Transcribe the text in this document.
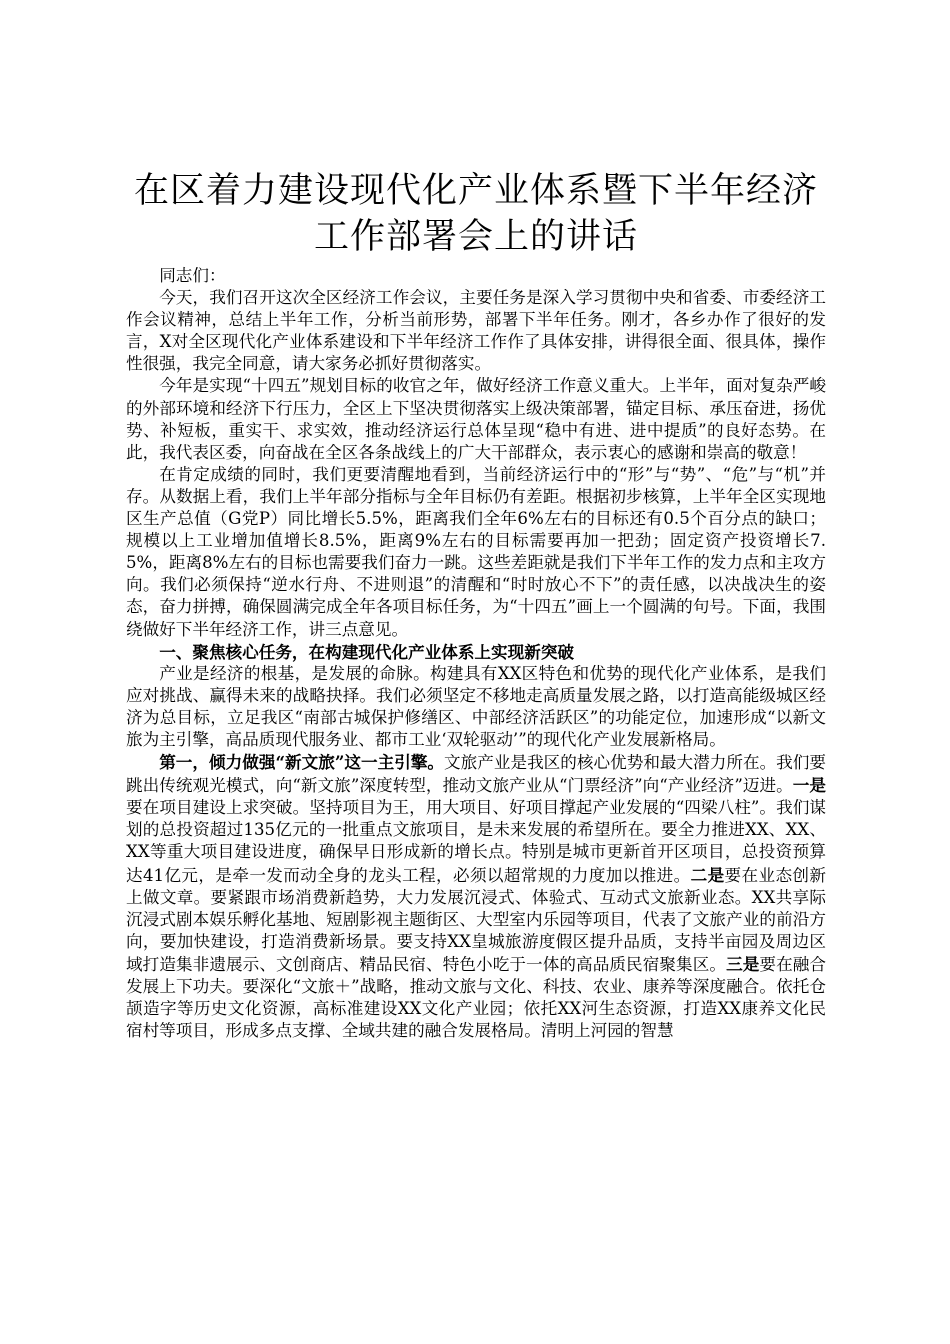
在区着力建设现代化产业体系暨下半年经济工作部署会上的讲话

同志们：

今天，我们召开这次全区经济工作会议，主要任务是深入学习贯彻中央和省委、市委经济工作会议精神，总结上半年工作，分析当前形势，部署下半年任务。刚才，各乡办作了很好的发言，X对全区现代化产业体系建设和下半年经济工作作了具体安排，讲得很全面、很具体，操作性很强，我完全同意，请大家务必抓好贯彻落实。

今年是实现“十四五”规划目标的收官之年，做好经济工作意义重大。上半年，面对复杂严峻的外部环境和经济下行压力，全区上下坚决贯彻落实上级决策部署，锚定目标、承压奋进，扬优势、补短板，重实干、求实效，推动经济运行总体呈现“稳中有进、进中提质”的良好态势。在此，我代表区委，向奋战在全区各条战线上的广大干部群众，表示衷心的感谢和崇高的敬意！

在肯定成绩的同时，我们更要清醒地看到，当前经济运行中的“形”与“势”、“危”与“机”并存。从数据上看，我们上半年部分指标与全年目标仍有差距。根据初步核算，上半年全区实现地区生产总值（G党P）同比增长5.5%，距离我们全年6%左右的目标还有0.5个百分点的缺口；规模以上工业增加值增长8.5%，距离9%左右的目标需要再加一把劲；固定资产投资增长7.5%，距离8%左右的目标也需要我们奋力一跳。这些差距就是我们下半年工作的发力点和主攻方向。我们必须保持“逆水行舟、不进则退”的清醒和“时时放心不下”的责任感，以决战决生的姿态，奋力拼搏，确保圆满完成全年各项目标任务，为“十四五”画上一个圆满的句号。下面，我围绕做好下半年经济工作，讲三点意见。

一、聚焦核心任务，在构建现代化产业体系上实现新突破

产业是经济的根基，是发展的命脉。构建具有XX区特色和优势的现代化产业体系，是我们应对挑战、赢得未来的战略抉择。我们必须坚定不移地走高质量发展之路，以打造高能级城区经济为总目标，立足我区“南部古城保护修缮区、中部经济活跃区”的功能定位，加速形成“以新文旅为主引擎，高品质现代服务业、都市工业‘双轮驱动’”的现代化产业发展新格局。

第一，倾力做强“新文旅”这一主引擎。文旅产业是我区的核心优势和最大潜力所在。我们要跳出传统观光模式，向“新文旅”深度转型，推动文旅产业从“门票经济”向“产业经济”迈进。一是要在项目建设上求突破。坚持项目为王，用大项目、好项目撑起产业发展的“四梁八柱”。我们谋划的总投资超过135亿元的一批重点文旅项目，是未来发展的希望所在。要全力推进XX、XX、XX等重大项目建设进度，确保早日形成新的增长点。特别是城市更新首开区项目，总投资预算达41亿元，是牵一发而动全身的龙头工程，必须以超常规的力度加以推进。二是要在业态创新上做文章。要紧跟市场消费新趋势，大力发展沉浸式、体验式、互动式文旅新业态。XX共享际沉浸式剧本娱乐孵化基地、短剧影视主题街区、大型室内乐园等项目，代表了文旅产业的前沿方向，要加快建设，打造消费新场景。要支持XX皇城旅游度假区提升品质，支持半亩园及周边区域打造集非遗展示、文创商店、精品民宿、特色小吃于一体的高品质民宿聚集区。三是要在融合发展上下功夫。要深化“文旅＋”战略，推动文旅与文化、科技、农业、康养等深度融合。依托仓颉造字等历史文化资源，高标准建设XX文化产业园；依托XX河生态资源，打造XX康养文化民宿村等项目，形成多点支撑、全域共建的融合发展格局。清明上河园的智慧
